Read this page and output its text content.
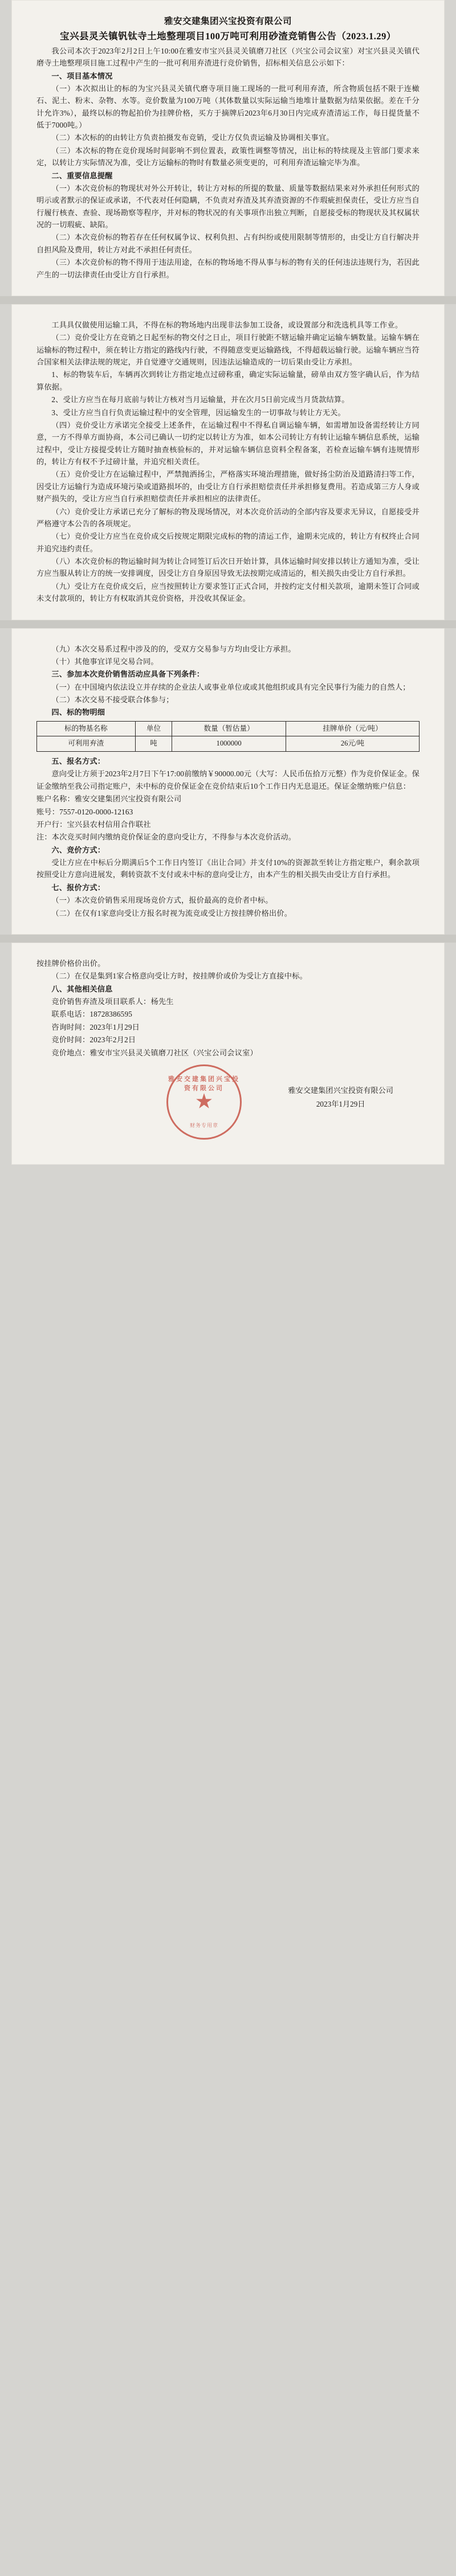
雅安交建集团兴宝投资有限公司
宝兴县灵关镇钒钛寺土地整理项目100万吨可利用砂渣竞销售公告（2023.1.29）

我公司本次于2023年2月2日上午10:00在雅安市宝兴县灵关镇磨刀社区（兴宝公司会议室）对宝兴县灵关镇代磨寺土地整理项目施工过程中产生的一批可利用弃渣进行竞价销售，招标相关信息公示如下：

一、项目基本情况

（一）本次拟出让的标的为宝兴县灵关镇代磨寺项目施工现场的一批可利用弃渣，所含物质包括不限于连橄石、泥土、粉末、杂物、水等。竞价数量为100万吨（其体数量以实际运输当地堆计量数据为结果依据。差在千分计允许3%），最终以标的物起拍价为挂牌价格，买方于摘牌后2023年6月30日内完成弃渣清运工作，每日提货量不低于7000吨。）

（二）本次标的的由转让方负责拍摄发布竞销，受让方仅负责运输及协调相关事宜。

（三）本次标的物在竞价现场时间影响不到位置表，政策性调整等情况，出让标的特续现及主管部门要求来定，以转让方实际情况为准，受让方运输标的物时有数量必须变更的，可利用弃渣运输完毕为准。

二、重要信息提醒

（一）本次竞价标的物现状对外公开转让，转让方对标的所提的数量、质量等数据结果来对外承担任何形式的明示或者默示的保证或承诺，不代表对任何隐瞒，不负责对弃渣及其弃渣资源的不作瑕疵担保责任，受让方应当自行履行核查、查验、现场勘察等程序，并对标的物状况的有关事项作出独立判断，自愿接受标的物现状及其权属状况的一切瑕疵、缺陷。

（二）本次竞价标的物若存在任何权属争议、权利负担、占有纠纷或使用限制等情形的，由受让方自行解决并自担风险及费用，转让方对此不承担任何责任。

（三）本次竞价标的物不得用于违法用途，在标的物场地不得从事与标的物有关的任何违法违规行为，若因此产生的一切法律责任由受让方自行承担。

工具具仅做使用运输工具，不得在标的物场地内出现非法参加工设备，或设置部分和洗选机具等工作业。

（二）竞价受让方在竞销之日起至标的物交付之日止，项目行驶距不辖运输并确定运输车辆数量。运输车辆在运输标的物过程中，须在转让方指定的路线内行驶，不得随意变更运输路线，不得超载运输行驶。运输车辆应当符合国家相关法律法规的规定，并自觉遵守交通规则，因违法运输造成的一切后果由受让方承担。

1、标的物装车后，车辆再次到转让方指定地点过磅称重，确定实际运输量，磅单由双方签字确认后，作为结算依据。

2、受让方应当在每月底前与转让方核对当月运输量，并在次月5日前完成当月货款结算。

3、受让方应当自行负责运输过程中的安全管理，因运输发生的一切事故与转让方无关。

（四）竞价受让方承诺完全接受上述条件，在运输过程中不得私自调运输车辆，如需增加设备需经转让方同意，一方不得单方面协商，本公司已确认一切约定以转让方为准，如本公司转让方有转让运输车辆信息系统，运输过程中，受让方接提受转让方随时抽查核验标的，并对运输车辆信息资料全程备案，若检查运输车辆有违规情形的，转让方有权不予过磅计量，并追究相关责任。

（五）竞价受让方在运输过程中，严禁抛洒扬尘，严格落实环境治理措施，做好扬尘防治及道路清扫等工作，因受让方运输行为造成环境污染或道路损坏的，由受让方自行承担赔偿责任并承担修复费用。若造成第三方人身或财产损失的，受让方应当自行承担赔偿责任并承担相应的法律责任。

（六）竞价受让方承诺已充分了解标的物及现场情况，对本次竞价活动的全部内容及要求无异议，自愿接受并严格遵守本公告的各项规定。

（七）竞价受让方应当在竞价成交后按规定期限完成标的物的清运工作，逾期未完成的，转让方有权终止合同并追究违约责任。

（八）本次竞价标的物运输时间为转让合同签订后次日开始计算，具体运输时间安排以转让方通知为准，受让方应当服从转让方的统一安排调度，因受让方自身原因导致无法按期完成清运的，相关损失由受让方自行承担。

（九）受让方在竞价成交后，应当按照转让方要求签订正式合同，并按约定支付相关款项，逾期未签订合同或未支付款项的，转让方有权取消其竞价资格，并没收其保证金。

（九）本次交易系过程中涉及的的，受双方交易参与方均由受让方承担。

（十）其他事宜详见交易合同。

三、参加本次竞价销售活动应具备下列条件：

（一）在中国境内依法设立并存续的企业法人或事业单位或或其他组织或具有完全民事行为能力的自然人；

（二）本次交易不接受联合体参与；

四、标的物明细

标的物基名称	单位	数量（暂估量）	挂牌单价（元/吨）
可利用弃渣	吨	1000000	26元/吨

五、报名方式：

意向受让方须于2023年2月7日下午17:00前缴纳￥90000.00元（大写：人民币伍拾万元整）作为竞价保证金。保证金缴纳至我公司指定账户，未中标的竞价保证金在竞价结束后10个工作日内无息退还。保证金缴纳账户信息：

账户名称：雅安交建集团兴宝投资有限公司

账号：7557-0120-0000-12163

开户行：宝兴县农村信用合作联社

注：本次竞买时间内缴纳竞价保证金的意向受让方，不得参与本次竞价活动。

六、竞价方式：

受让方应在中标后分期满后5个工作日内签订《出让合同》并支付10%的资源款至转让方指定账户，剩余款项按照受让方意向进展发，剩转资款不支付或未中标的意向受让方，由本产生的相关损失由受让方自行承担。

七、报价方式：

（一）本次竞价销售采用现场竞价方式，报价最高的竞价者中标。

（二）在仅有1家意向受让方报名时视为流竞或受让方按挂牌价格出价。

按挂牌价格价出价。

（二）在仅是集到1家合格意向受让方时，按挂牌价或价为受让方直接中标。

八、其他相关信息

竞价销售弃渣及项目联系人：杨先生

联系电话：18728386595

咨询时间：2023年1月29日

竞价时间：2023年2月2日

竞价地点：雅安市宝兴县灵关镇磨刀社区（兴宝公司会议室）

雅安交建集团兴宝投资有限公司
★
财务专用章
雅安交建集团兴宝投资有限公司
2023年1月29日
